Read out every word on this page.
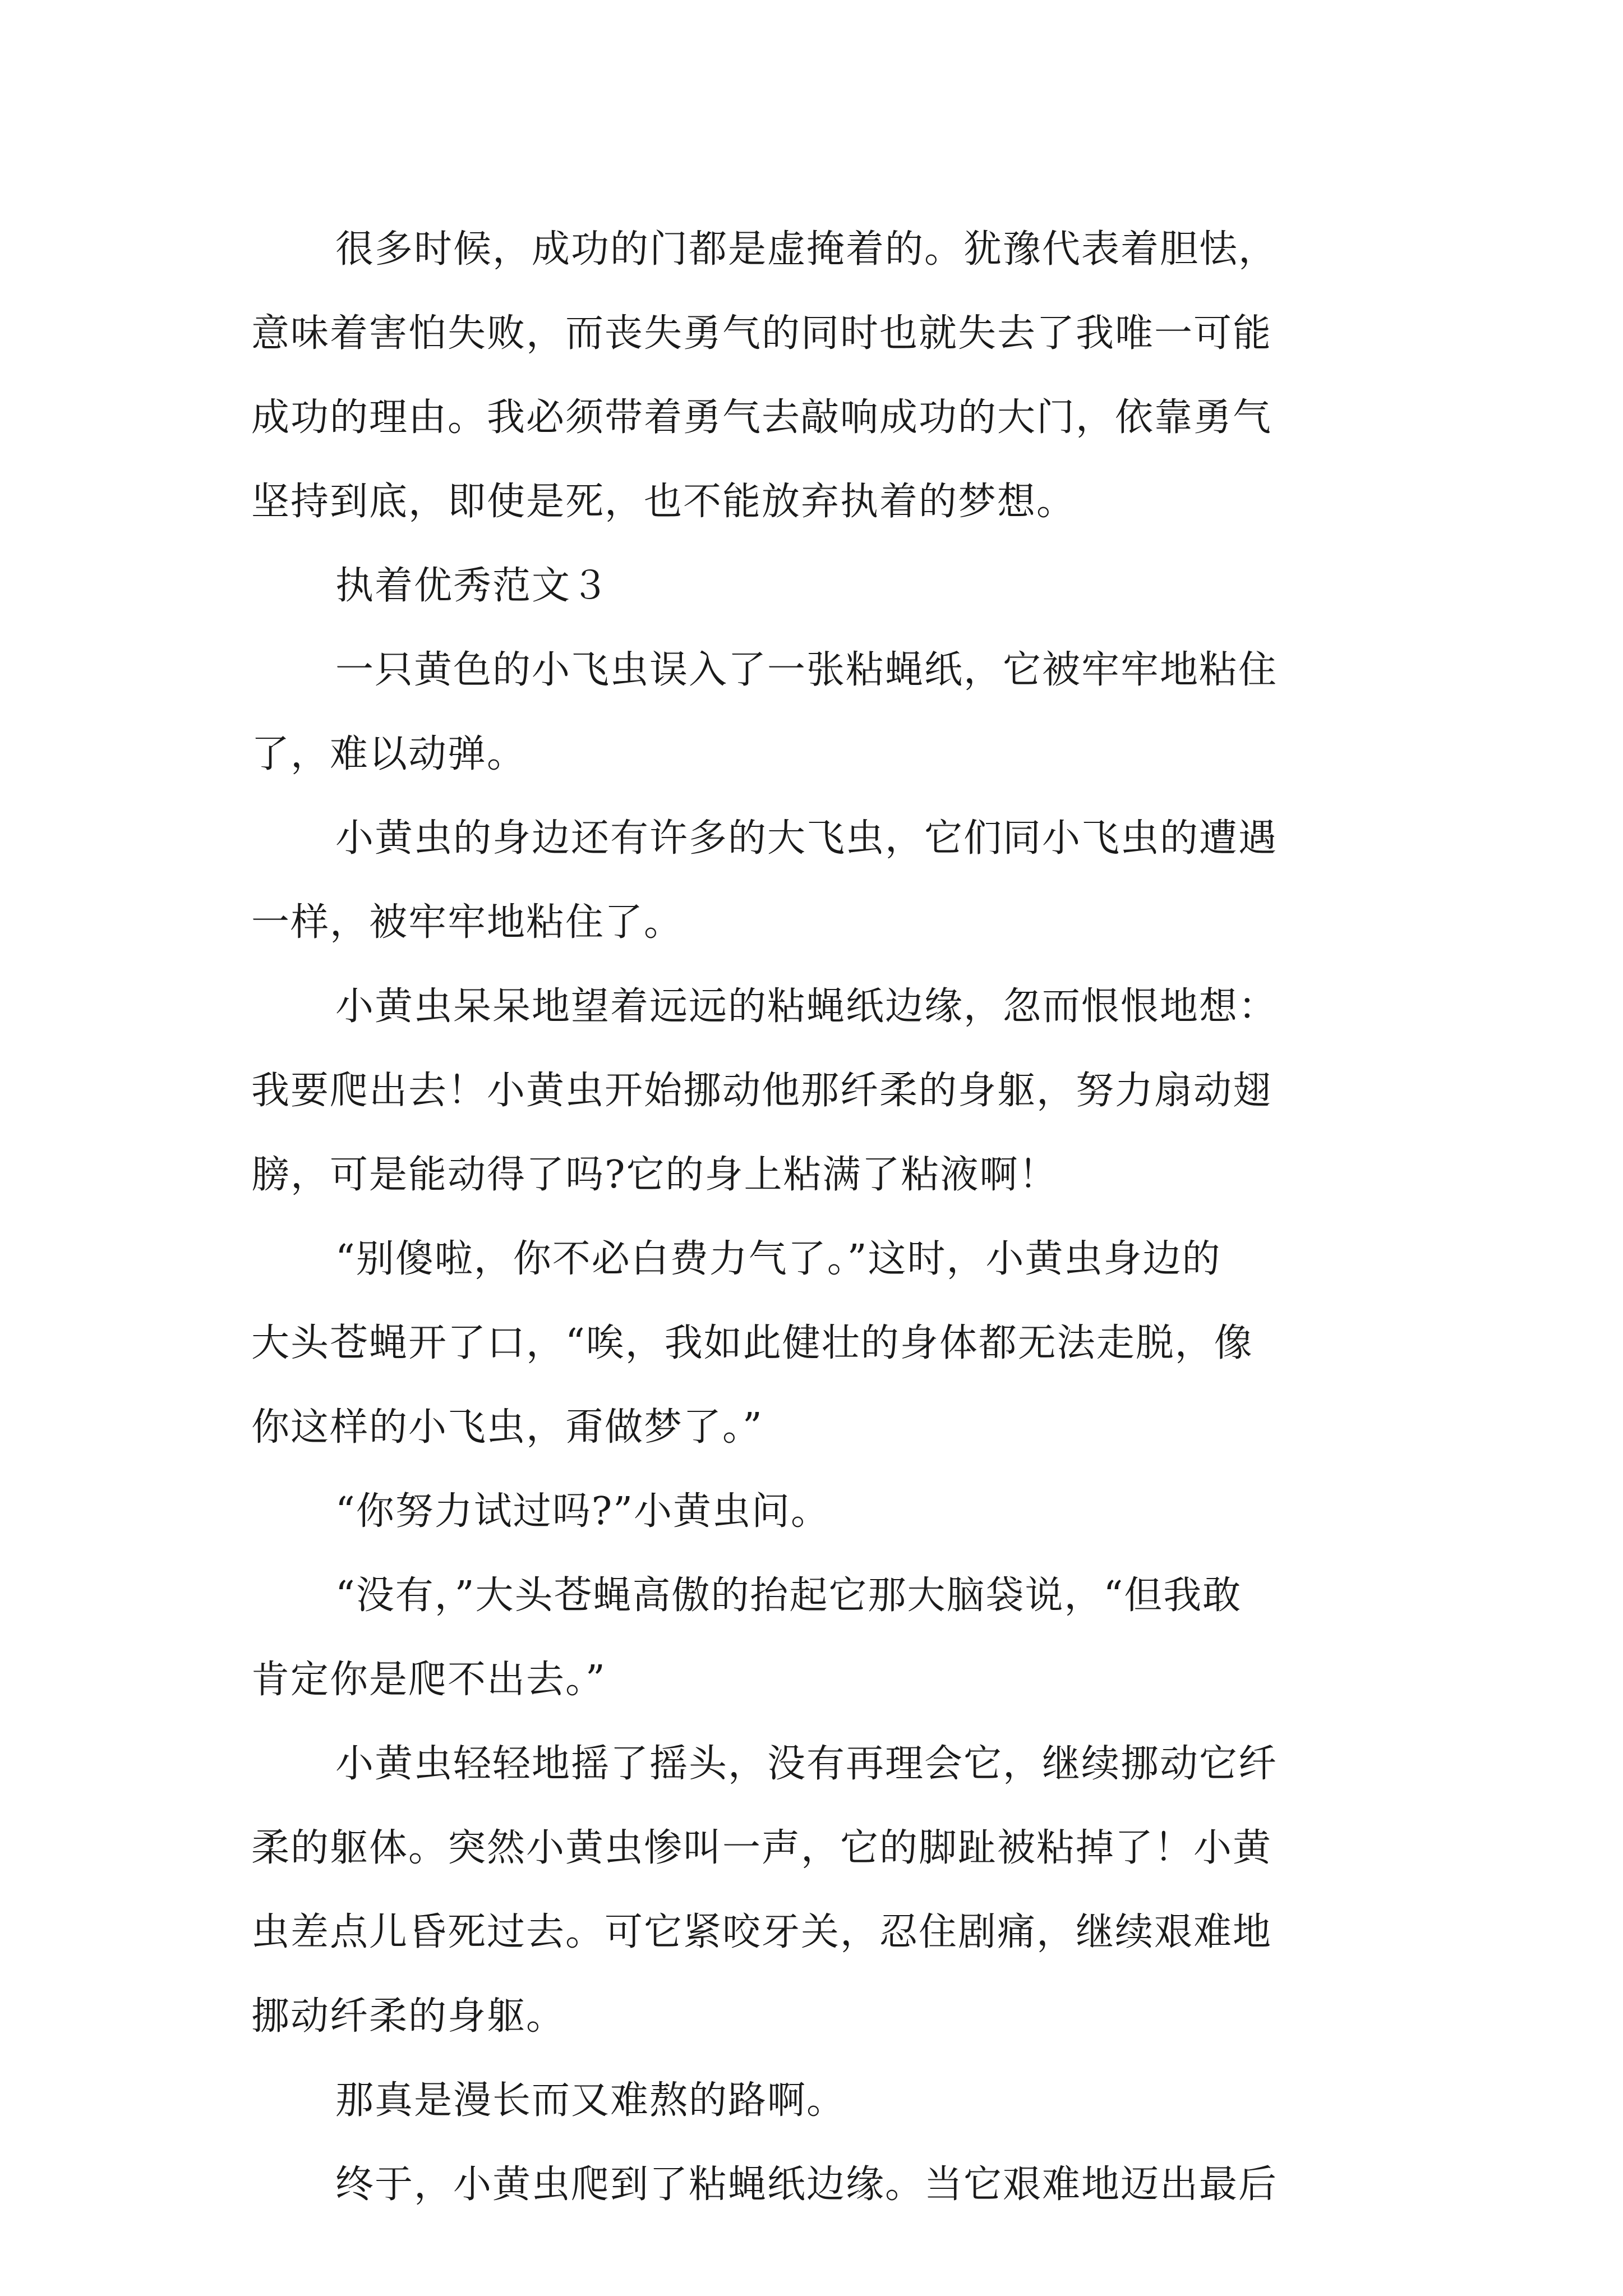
很多时候，成功的门都是虚掩着的。犹豫代表着胆怯，
意味着害怕失败，而丧失勇气的同时也就失去了我唯一可能
成功的理由。我必须带着勇气去敲响成功的大门，依靠勇气
坚持到底，即使是死，也不能放弃执着的梦想。
执着优秀范文３
一只黄色的小飞虫误入了一张粘蝇纸，它被牢牢地粘住
了，难以动弹。
小黄虫的身边还有许多的大飞虫，它们同小飞虫的遭遇
一样，被牢牢地粘住了。
小黄虫呆呆地望着远远的粘蝇纸边缘，忽而恨恨地想：
我要爬出去！小黄虫开始挪动他那纤柔的身躯，努力扇动翅
膀，可是能动得了吗?它的身上粘满了粘液啊！
“别傻啦，你不必白费力气了。”这时，小黄虫身边的
大头苍蝇开了口，“唉，我如此健壮的身体都无法走脱，像
你这样的小飞虫，甭做梦了。”
“你努力试过吗?”小黄虫问。
“没有，”大头苍蝇高傲的抬起它那大脑袋说，“但我敢
肯定你是爬不出去。”
小黄虫轻轻地摇了摇头，没有再理会它，继续挪动它纤
柔的躯体。突然小黄虫惨叫一声，它的脚趾被粘掉了！小黄
虫差点儿昏死过去。可它紧咬牙关，忍住剧痛，继续艰难地
挪动纤柔的身躯。
那真是漫长而又难熬的路啊。
终于，小黄虫爬到了粘蝇纸边缘。当它艰难地迈出最后
